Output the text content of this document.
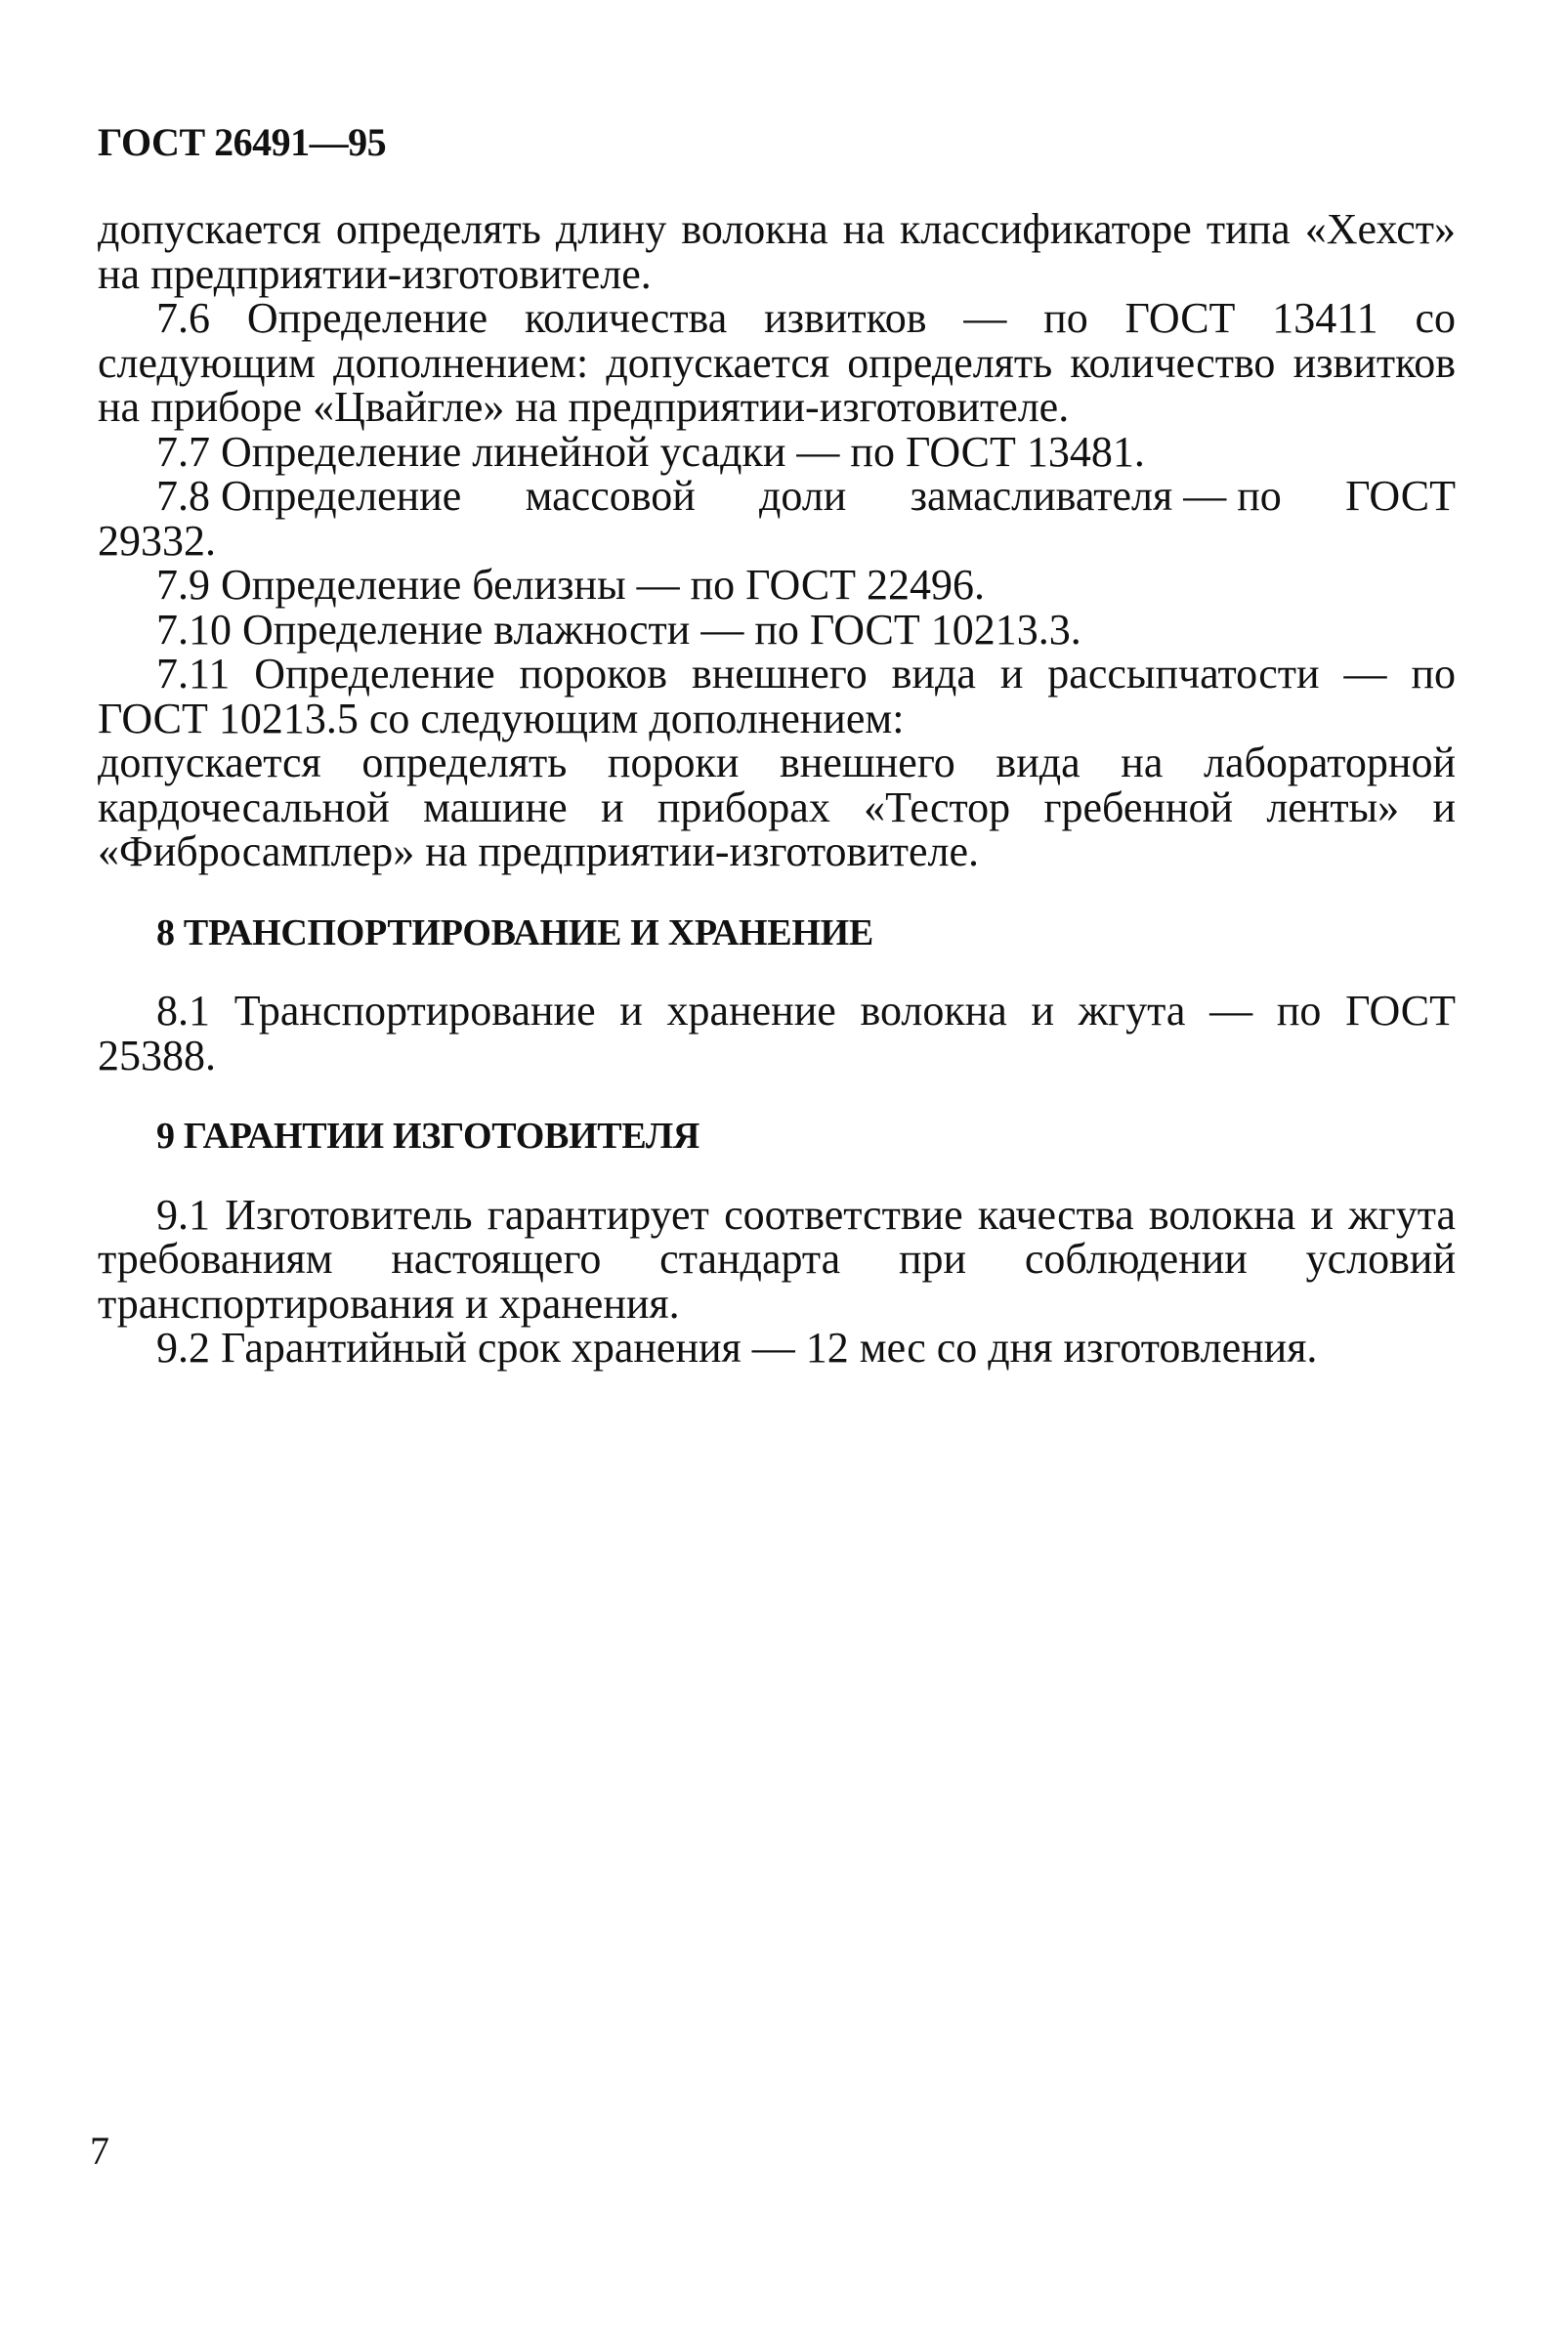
ГОСТ 26491—95

допускается определять длину волокна на классификаторе типа «Хехст» на предприятии-изготовителе.

7.6 Определение количества извитков — по ГОСТ 13411 со следующим дополнением: допускается определять количество извитков на приборе «Цвайгле» на предприятии-изготовителе.

7.7 Определение линейной усадки — по ГОСТ 13481.

7.8 Определение массовой доли замасливателя — по ГОСТ
29332.

7.9 Определение белизны — по ГОСТ 22496.

7.10 Определение влажности — по ГОСТ 10213.3.

7.11 Определение пороков внешнего вида и рассыпчатости — по ГОСТ 10213.5 со следующим дополнением:

допускается определять пороки внешнего вида на лабораторной кардочесальной машине и приборах «Тестор гребенной ленты» и «Фибросамплер» на предприятии-изготовителе.

8 ТРАНСПОРТИРОВАНИЕ И ХРАНЕНИЕ

8.1 Транспортирование и хранение волокна и жгута — по ГОСТ 25388.

9 ГАРАНТИИ ИЗГОТОВИТЕЛЯ

9.1 Изготовитель гарантирует соответствие качества волокна и жгута требованиям настоящего стандарта при соблюдении условий транспортирования и хранения.

9.2 Гарантийный срок хранения — 12 мес со дня изготовления.

7
